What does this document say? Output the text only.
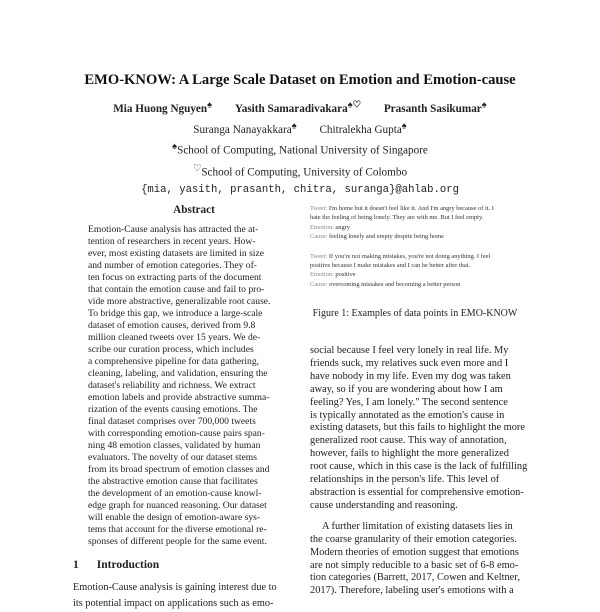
EMO-KNOW: A Large Scale Dataset on Emotion and Emotion-cause
Mia Huong Nguyen♠ Yasith Samaradivakara♠♡ Prasanth Sasikumar♠
Suranga Nanayakkara♠ Chitralekha Gupta♠
♠School of Computing, National University of Singapore
♡School of Computing, University of Colombo
{mia, yasith, prasanth, chitra, suranga}@ahlab.org
Abstract
Emotion-Cause analysis has attracted the at-
tention of researchers in recent years. How-
ever, most existing datasets are limited in size
and number of emotion categories. They of-
ten focus on extracting parts of the document
that contain the emotion cause and fail to pro-
vide more abstractive, generalizable root cause.
To bridge this gap, we introduce a large-scale
dataset of emotion causes, derived from 9.8
million cleaned tweets over 15 years. We de-
scribe our curation process, which includes
a comprehensive pipeline for data gathering,
cleaning, labeling, and validation, ensuring the
dataset's reliability and richness. We extract
emotion labels and provide abstractive summa-
rization of the events causing emotions. The
final dataset comprises over 700,000 tweets
with corresponding emotion-cause pairs span-
ning 48 emotion classes, validated by human
evaluators. The novelty of our dataset stems
from its broad spectrum of emotion classes and
the abstractive emotion cause that facilitates
the development of an emotion-cause knowl-
edge graph for nuanced reasoning. Our dataset
will enable the design of emotion-aware sys-
tems that account for the diverse emotional re-
sponses of different people for the same event.
1 Introduction
Emotion-Cause analysis is gaining interest due to
its potential impact on applications such as emo-
Tweet: I'm home but it doesn't feel like it. And I'm angry because of it. I
hate the feeling of being lonely. They are with me. But I feel empty.
Emotion: angry
Cause: feeling lonely and empty despite being home
Tweet: If you're not making mistakes, you're not doing anything. I feel
positive because I make mistakes and I can be better after that.
Emotion: positive
Cause: overcoming mistakes and becoming a better person
Figure 1: Examples of data points in EMO-KNOW
social because I feel very lonely in real life. My
friends suck, my relatives suck even more and I
have nobody in my life. Even my dog was taken
away, so if you are wondering about how I am
feeling? Yes, I am lonely." The second sentence
is typically annotated as the emotion's cause in
existing datasets, but this fails to highlight the more
generalized root cause. This way of annotation,
however, fails to highlight the more generalized
root cause, which in this case is the lack of fulfilling
relationships in the person's life. This level of
abstraction is essential for comprehensive emotion-
cause understanding and reasoning.
A further limitation of existing datasets lies in
the coarse granularity of their emotion categories.
Modern theories of emotion suggest that emotions
are not simply reducible to a basic set of 6-8 emo-
tion categories (Barrett, 2017, Cowen and Keltner,
2017). Therefore, labeling user's emotions with a
